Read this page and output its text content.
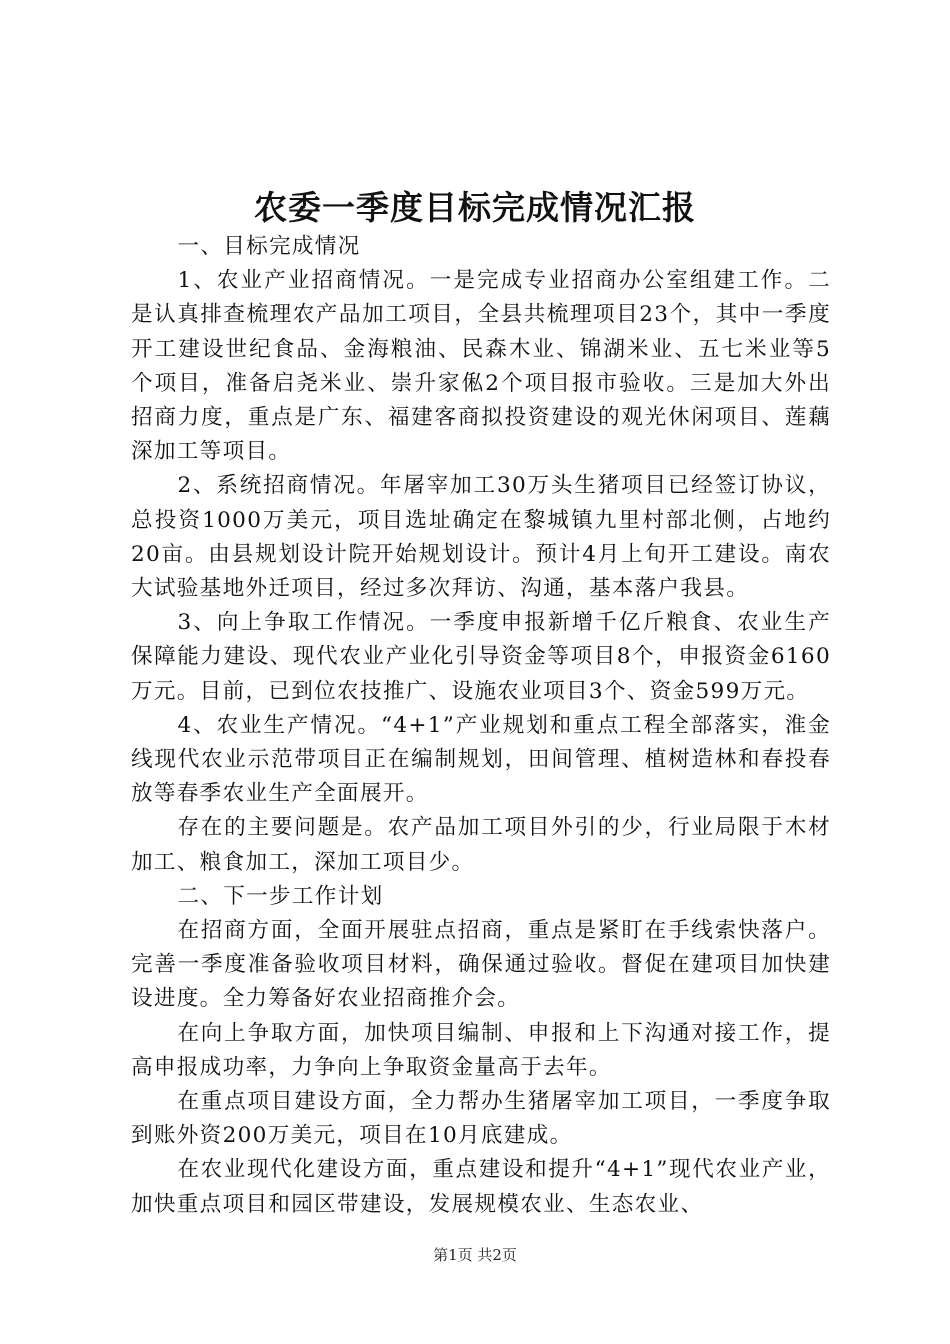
农委一季度目标完成情况汇报

一、目标完成情况

1、农业产业招商情况。一是完成专业招商办公室组建工作。二是认真排查梳理农产品加工项目，全县共梳理项目23个，其中一季度开工建设世纪食品、金海粮油、民森木业、锦湖米业、五七米业等5个项目，准备启尧米业、崇升家俬2个项目报市验收。三是加大外出招商力度，重点是广东、福建客商拟投资建设的观光休闲项目、莲藕深加工等项目。

2、系统招商情况。年屠宰加工30万头生猪项目已经签订协议，总投资1000万美元，项目选址确定在黎城镇九里村部北侧，占地约20亩。由县规划设计院开始规划设计。预计4月上旬开工建设。南农大试验基地外迁项目，经过多次拜访、沟通，基本落户我县。

3、向上争取工作情况。一季度申报新增千亿斤粮食、农业生产保障能力建设、现代农业产业化引导资金等项目8个，申报资金6160万元。目前，已到位农技推广、设施农业项目3个、资金599万元。

4、农业生产情况。“4+1”产业规划和重点工程全部落实，淮金线现代农业示范带项目正在编制规划，田间管理、植树造林和春投春放等春季农业生产全面展开。

存在的主要问题是。农产品加工项目外引的少，行业局限于木材加工、粮食加工，深加工项目少。

二、下一步工作计划

在招商方面，全面开展驻点招商，重点是紧盯在手线索快落户。完善一季度准备验收项目材料，确保通过验收。督促在建项目加快建设进度。全力筹备好农业招商推介会。

在向上争取方面，加快项目编制、申报和上下沟通对接工作，提高申报成功率，力争向上争取资金量高于去年。

在重点项目建设方面，全力帮办生猪屠宰加工项目，一季度争取到账外资200万美元，项目在10月底建成。

在农业现代化建设方面，重点建设和提升“4+1”现代农业产业，加快重点项目和园区带建设，发展规模农业、生态农业、

第1页 共2页
